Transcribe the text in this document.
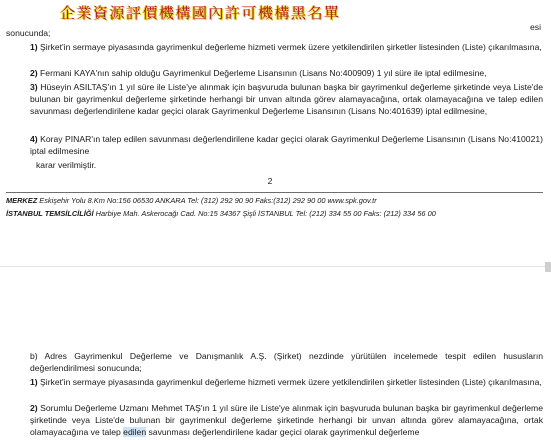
企業資源評價機構國內許可機構黑名單
esi
sonucunda;
1) Şirket'in sermaye piyasasında gayrimenkul değerleme hizmeti vermek üzere yetkilendirilen şirketler listesinden (Liste) çıkarılmasına,
2) Fermani KAYA'nın sahip olduğu Gayrimenkul Değerleme Lisansının (Lisans No:400909) 1 yıl süre ile iptal edilmesine,
3) Hüseyin ASILTAŞ'ın 1 yıl süre ile Liste'ye alınmak için başvuruda bulunan başka bir gayrimenkul değerleme şirketinde veya Liste'de bulunan bir gayrimenkul değerleme şirketinde herhangi bir unvan altında görev alamayacağına, ortak olamayacağına ve talep edilen savunması değerlendirilene kadar geçici olarak Gayrimenkul Değerleme Lisansının (Lisans No:401639) iptal edilmesine,
4) Koray PINAR'ın talep edilen savunması değerlendirilene kadar geçici olarak Gayrimenkul Değerleme Lisansının (Lisans No:410021) iptal edilmesine
karar verilmiştir.
2
MERKEZ Eskişehir Yolu 8.Km No:156 06530 ANKARA Tel: (312) 292 90 90 Faks:(312) 292 90 00 www.spk.gov.tr
İSTANBUL TEMSİLCİLİĞİ Harbiye Mah. Askerocağı Cad. No:15 34367 Şişli İSTANBUL Tel: (212) 334 55 00 Faks: (212) 334 56 00
b) Adres Gayrimenkul Değerleme ve Danışmanlık A.Ş. (Şirket) nezdinde yürütülen incelemede tespit edilen hususların değerlendirilmesi sonucunda;
1) Şirket'in sermaye piyasasında gayrimenkul değerleme hizmeti vermek üzere yetkilendirilen şirketler listesinden (Liste) çıkarılmasına,
2) Sorumlu Değerleme Uzmanı Mehmet TAŞ'ın 1 yıl süre ile Liste'ye alınmak için başvuruda bulunan başka bir gayrimenkul değerleme şirketinde veya Liste'de bulunan bir gayrimenkul değerleme şirketinde herhangi bir unvan altında görev alamayacağına, ortak olamayacağına ve talep edilen savunması değerlendirilene kadar geçici olarak gayrimenkul değerleme
